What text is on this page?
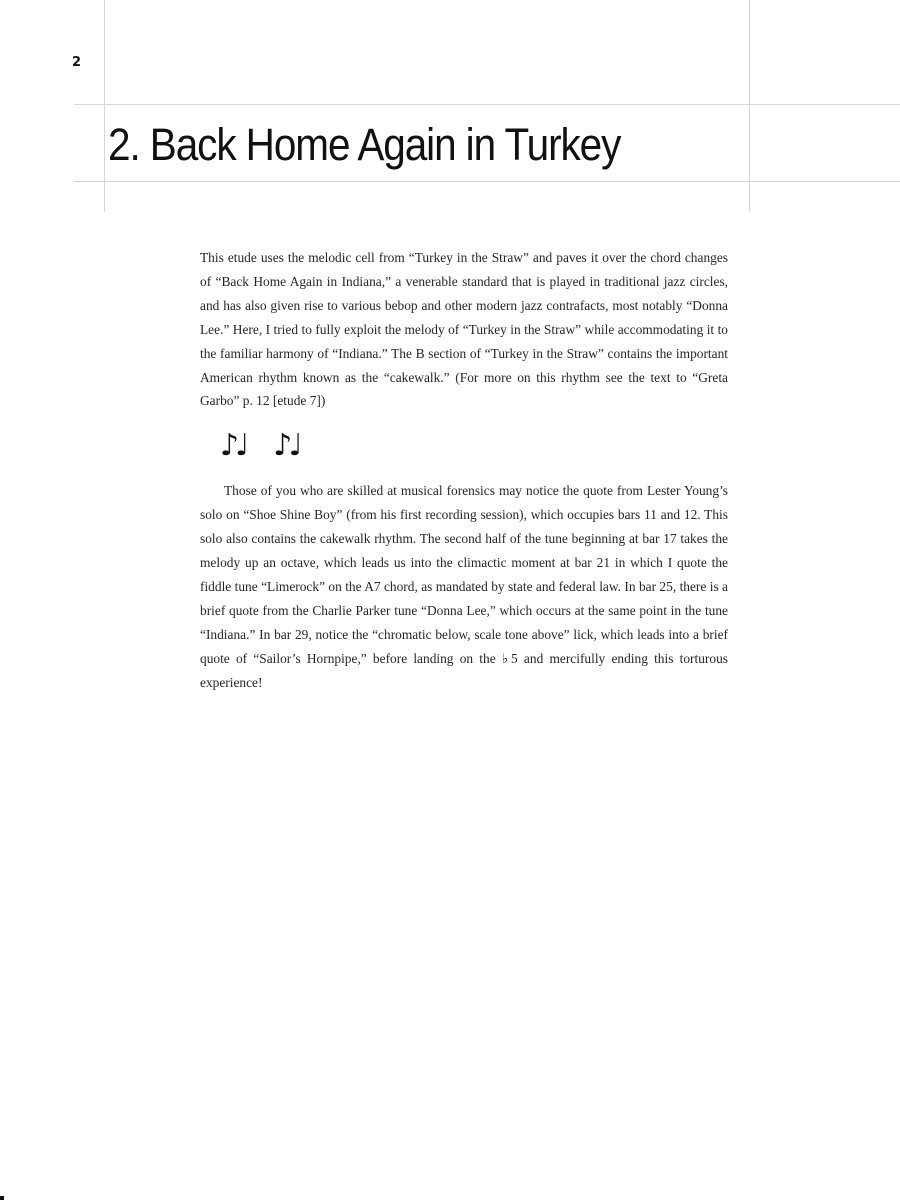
2
2. Back Home Again in Turkey

This etude uses the melodic cell from “Turkey in the Straw” and paves it over the chord changes of “Back Home Again in Indiana,” a venerable standard that is played in traditional jazz circles, and has also given rise to various bebop and other modern jazz contrafacts, most notably “Donna Lee.” Here, I tried to fully exploit the melody of “Turkey in the Straw” while accommodating it to the familiar harmony of “Indiana.” The B section of “Turkey in the Straw” contains the important American rhythm known as the “cakewalk.” (For more on this rhythm see the text to “Greta Garbo” p. 12 [etude 7])

♪♩ ♪♩

Those of you who are skilled at musical forensics may notice the quote from Lester Young’s solo on “Shoe Shine Boy” (from his first recording session), which occupies bars 11 and 12. This solo also contains the cakewalk rhythm. The second half of the tune beginning at bar 17 takes the melody up an octave, which leads us into the climactic moment at bar 21 in which I quote the fiddle tune “Limerock” on the A7 chord, as mandated by state and federal law. In bar 25, there is a brief quote from the Charlie Parker tune “Donna Lee,” which occurs at the same point in the tune “Indiana.” In bar 29, notice the “chromatic below, scale tone above” lick, which leads into a brief quote of “Sailor’s Hornpipe,” before landing on the ♭5 and mercifully ending this torturous experience!
